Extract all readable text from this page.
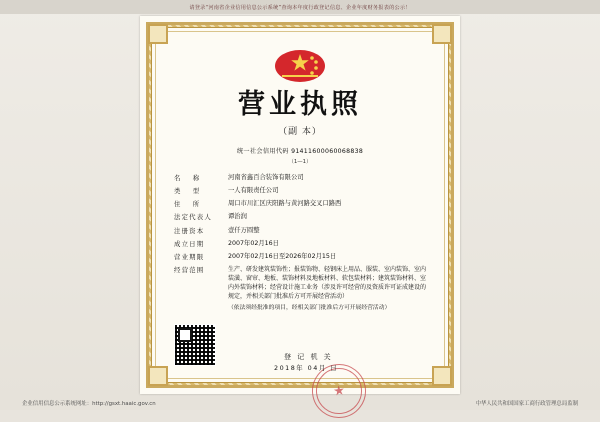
请登录“河南省企业信用信息公示系统”查询本年度行政登记信息、企业年度财务报表的公示！
营业执照
（副 本）
统一社会信用代码 91411600060068838
（1—1）
名　称	河南省鑫百合装饰有限公司
类　型	一人有限责任公司
住　所	周口市川汇区庆阳路与黄河路交叉口路西
法定代表人	谭治润
注册资本	壹仟万圆整
成立日期	2007年02月16日
营业期限	2007年02月16日至2026年02月15日
经营范围	生产、研发建筑装饰性；报装饰物、轻钢床上用品、服装、室内装饰、室内装潢、窗帘、地板、装饰材料及地板材料、软包装材料；建筑装饰材料、室内外装饰材料；经营设计施工业务（涉及许可经营的及资质许可证成建设的规定，并相关部门批准后方可开展经营活动）
（依法须经批准的项目，经相关部门批准后方可开展经营活动）
登 记 机 关
★
2018年 04月 日
企业信用信息公示系统网址：http://gsxt.haaic.gov.cn	中华人民共和国国家工商行政管理总局监制
